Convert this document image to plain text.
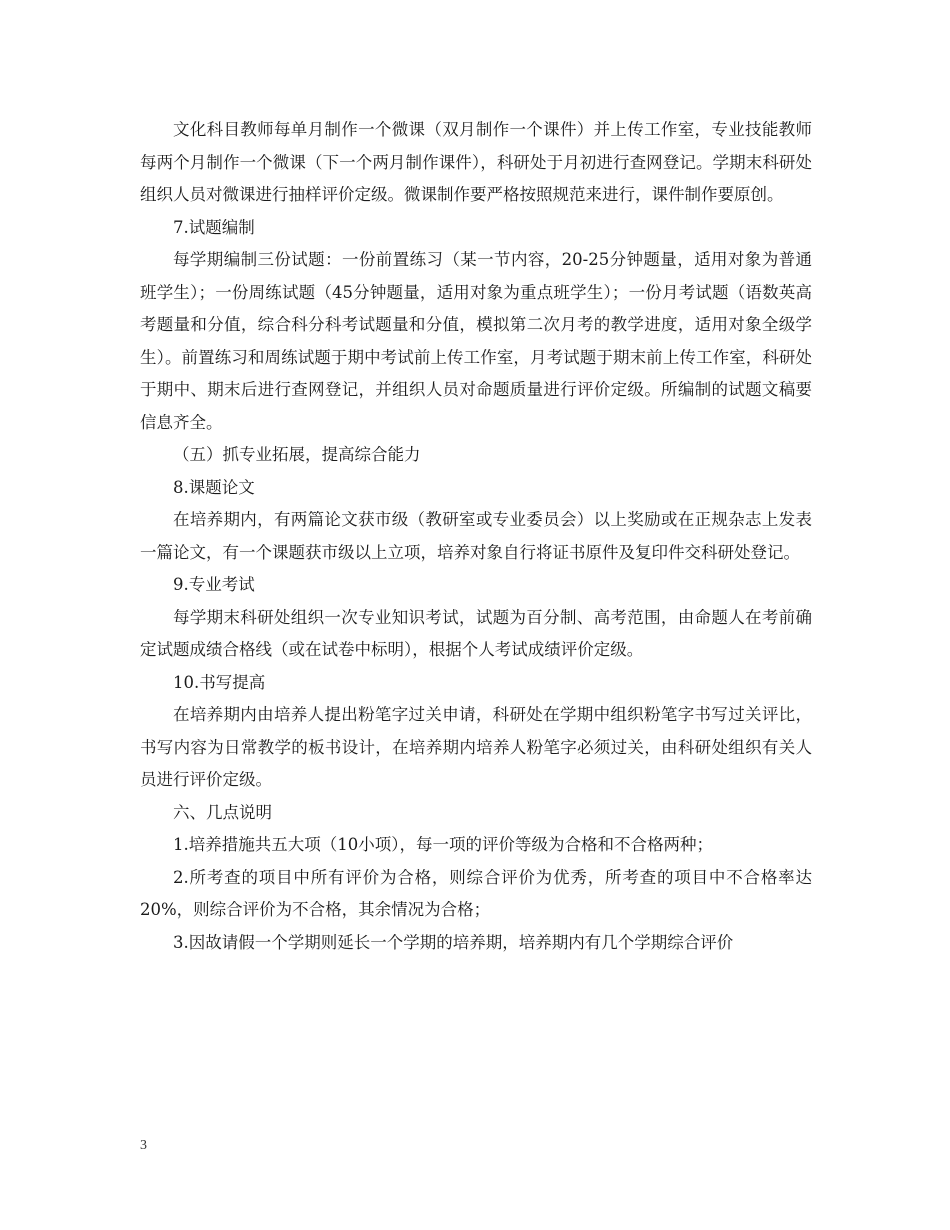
文化科目教师每单月制作一个微课（双月制作一个课件）并上传工作室，专业技能教师每两个月制作一个微课（下一个两月制作课件），科研处于月初进行查网登记。学期末科研处组织人员对微课进行抽样评价定级。微课制作要严格按照规范来进行，课件制作要原创。

7.试题编制

每学期编制三份试题：一份前置练习（某一节内容，20-25分钟题量，适用对象为普通班学生）；一份周练试题（45分钟题量，适用对象为重点班学生）；一份月考试题（语数英高考题量和分值，综合科分科考试题量和分值，模拟第二次月考的教学进度，适用对象全级学生）。前置练习和周练试题于期中考试前上传工作室，月考试题于期末前上传工作室，科研处于期中、期末后进行查网登记，并组织人员对命题质量进行评价定级。所编制的试题文稿要信息齐全。

（五）抓专业拓展，提高综合能力

8.课题论文

在培养期内，有两篇论文获市级（教研室或专业委员会）以上奖励或在正规杂志上发表一篇论文，有一个课题获市级以上立项，培养对象自行将证书原件及复印件交科研处登记。

9.专业考试

每学期末科研处组织一次专业知识考试，试题为百分制、高考范围，由命题人在考前确定试题成绩合格线（或在试卷中标明），根据个人考试成绩评价定级。

10.书写提高

在培养期内由培养人提出粉笔字过关申请，科研处在学期中组织粉笔字书写过关评比，书写内容为日常教学的板书设计，在培养期内培养人粉笔字必须过关，由科研处组织有关人员进行评价定级。

六、几点说明

1.培养措施共五大项（10小项），每一项的评价等级为合格和不合格两种；

2.所考查的项目中所有评价为合格，则综合评价为优秀，所考查的项目中不合格率达20%，则综合评价为不合格，其余情况为合格；

3.因故请假一个学期则延长一个学期的培养期，培养期内有几个学期综合评价

3
